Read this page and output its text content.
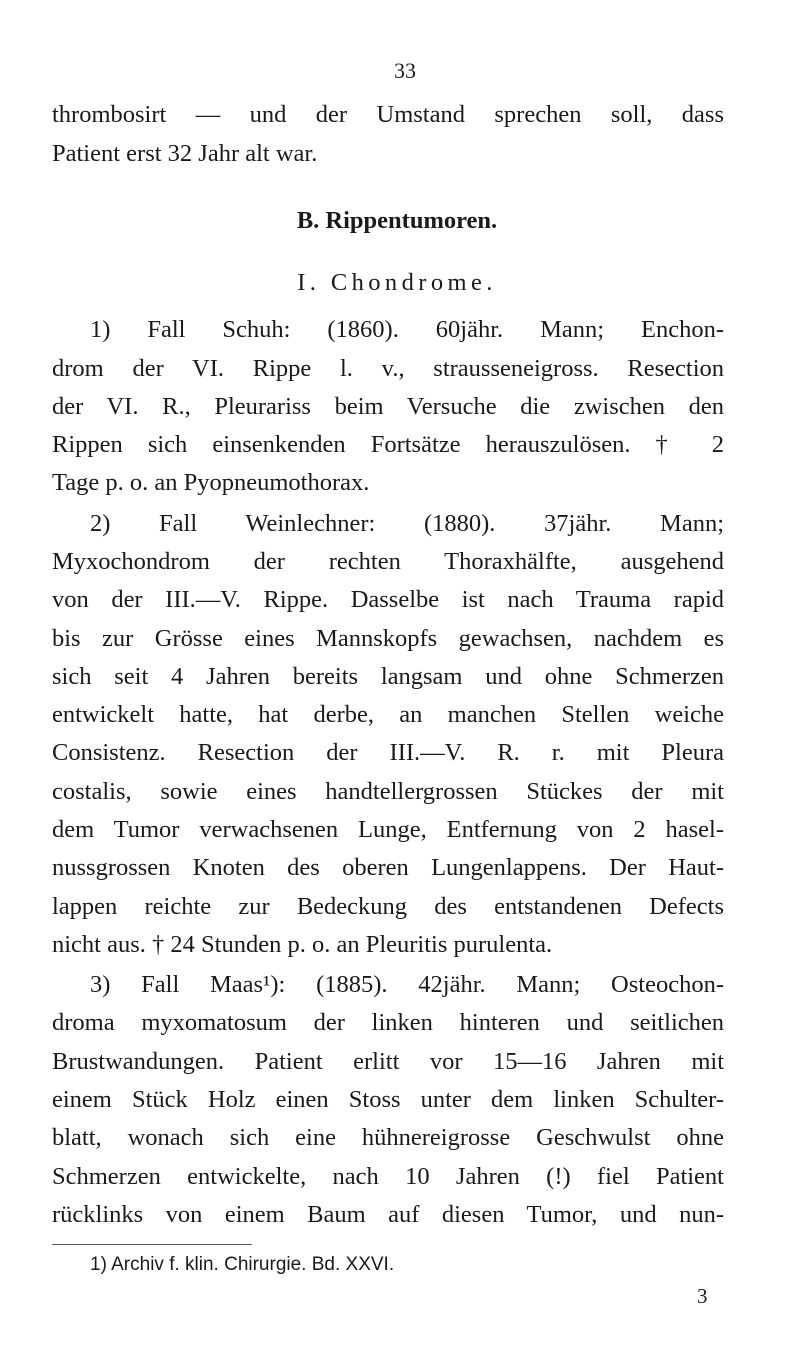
33
thrombosirt — und der Umstand sprechen soll, dass
Patient erst 32 Jahr alt war.
B. Rippentumoren.
I. Chondrome.
1) Fall Schuh: (1860). 60jähr. Mann; Enchon-
drom der VI. Rippe l. v., strausseneigross. Resection
der VI. R., Pleurariss beim Versuche die zwischen den
Rippen sich einsenkenden Fortsätze herauszulösen. † 2
Tage p. o. an Pyopneumothorax.
2) Fall Weinlechner: (1880). 37jähr. Mann;
Myxochondrom der rechten Thoraxhälfte, ausgehend
von der III.—V. Rippe. Dasselbe ist nach Trauma rapid
bis zur Grösse eines Mannskopfs gewachsen, nachdem es
sich seit 4 Jahren bereits langsam und ohne Schmerzen
entwickelt hatte, hat derbe, an manchen Stellen weiche
Consistenz. Resection der III.—V. R. r. mit Pleura
costalis, sowie eines handtellergrossen Stückes der mit
dem Tumor verwachsenen Lunge, Entfernung von 2 hasel-
nussgrossen Knoten des oberen Lungenlappens. Der Haut-
lappen reichte zur Bedeckung des entstandenen Defects
nicht aus. † 24 Stunden p. o. an Pleuritis purulenta.
3) Fall Maas¹): (1885). 42jähr. Mann; Osteochon-
droma myxomatosum der linken hinteren und seitlichen
Brustwandungen. Patient erlitt vor 15—16 Jahren mit
einem Stück Holz einen Stoss unter dem linken Schulter-
blatt, wonach sich eine hühnereigrosse Geschwulst ohne
Schmerzen entwickelte, nach 10 Jahren (!) fiel Patient
rücklinks von einem Baum auf diesen Tumor, und nun-
1) Archiv f. klin. Chirurgie. Bd. XXVI.
3
